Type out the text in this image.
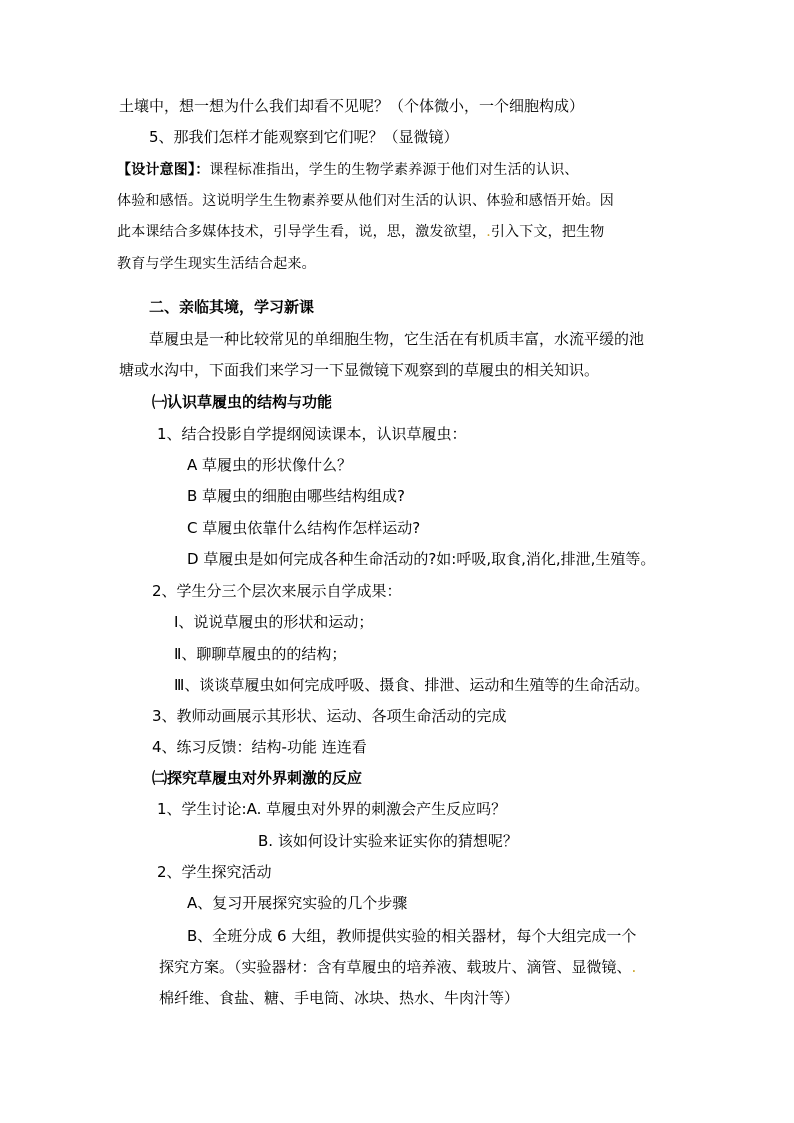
土壤中，想一想为什么我们却看不见呢？（个体微小，一个细胞构成）
5、那我们怎样才能观察到它们呢？（显微镜）
【设计意图】：课程标准指出，学生的生物学素养源于他们对生活的认识、
体验和感悟。这说明学生生物素养要从他们对生活的认识、体验和感悟开始。因
此本课结合多媒体技术，引导学生看，说，思，激发欲望，.引入下文，把生物
教育与学生现实生活结合起来。
二、亲临其境，学习新课
草履虫是一种比较常见的单细胞生物，它生活在有机质丰富，水流平缓的池
塘或水沟中，下面我们来学习一下显微镜下观察到的草履虫的相关知识。
㈠认识草履虫的结构与功能
1、结合投影自学提纲阅读课本，认识草履虫：
A 草履虫的形状像什么？
B 草履虫的细胞由哪些结构组成?
C 草履虫依靠什么结构作怎样运动?
D 草履虫是如何完成各种生命活动的?如:呼吸,取食,消化,排泄,生殖等。
2、学生分三个层次来展示自学成果：
Ⅰ、说说草履虫的形状和运动；
Ⅱ、聊聊草履虫的的结构；
Ⅲ、谈谈草履虫如何完成呼吸、摄食、排泄、运动和生殖等的生命活动。
3、教师动画展示其形状、运动、各项生命活动的完成
4、练习反馈：结构-功能 连连看
㈡探究草履虫对外界刺激的反应
1、学生讨论:A. 草履虫对外界的刺激会产生反应吗？
B. 该如何设计实验来证实你的猜想呢？
2、学生探究活动
A、复习开展探究实验的几个步骤
B、全班分成 6 大组，教师提供实验的相关器材，每个大组完成一个
探究方案。（实验器材：含有草履虫的培养液、载玻片、滴管、显微镜、.
棉纤维、食盐、糖、手电筒、冰块、热水、牛肉汁等）
